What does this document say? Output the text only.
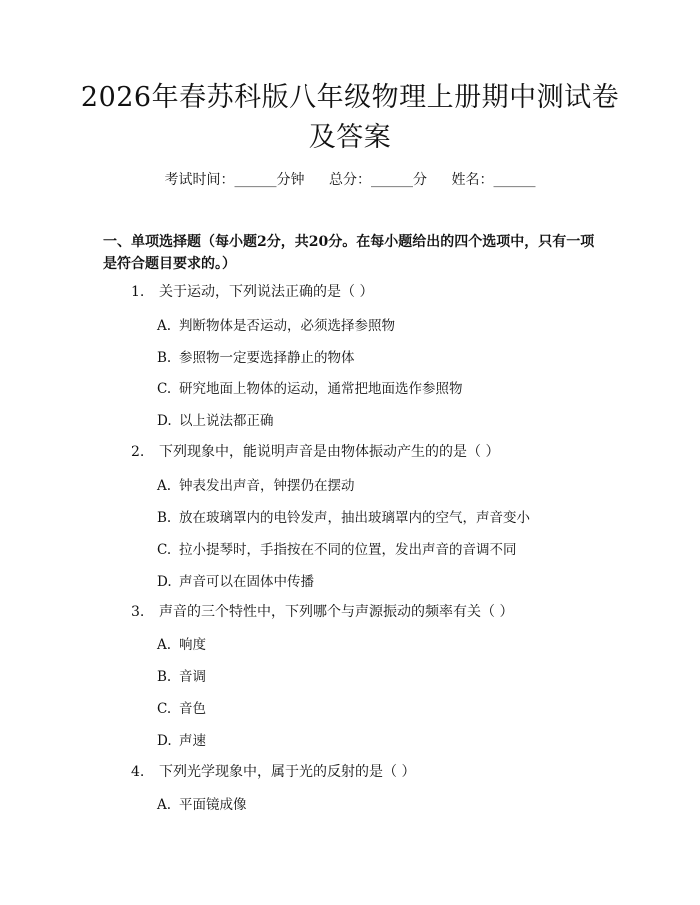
2026年春苏科版八年级物理上册期中测试卷
及答案
考试时间：______分钟 总分：______分 姓名：______
一、单项选择题（每小题2分，共20分。在每小题给出的四个选项中，只有一项
是符合题目要求的。）
1. 关于运动，下列说法正确的是（ ）
A. 判断物体是否运动，必须选择参照物
B. 参照物一定要选择静止的物体
C. 研究地面上物体的运动，通常把地面选作参照物
D. 以上说法都正确
2. 下列现象中，能说明声音是由物体振动产生的的是（ ）
A. 钟表发出声音，钟摆仍在摆动
B. 放在玻璃罩内的电铃发声，抽出玻璃罩内的空气，声音变小
C. 拉小提琴时，手指按在不同的位置，发出声音的音调不同
D. 声音可以在固体中传播
3. 声音的三个特性中，下列哪个与声源振动的频率有关（ ）
A. 响度
B. 音调
C. 音色
D. 声速
4. 下列光学现象中，属于光的反射的是（ ）
A. 平面镜成像
